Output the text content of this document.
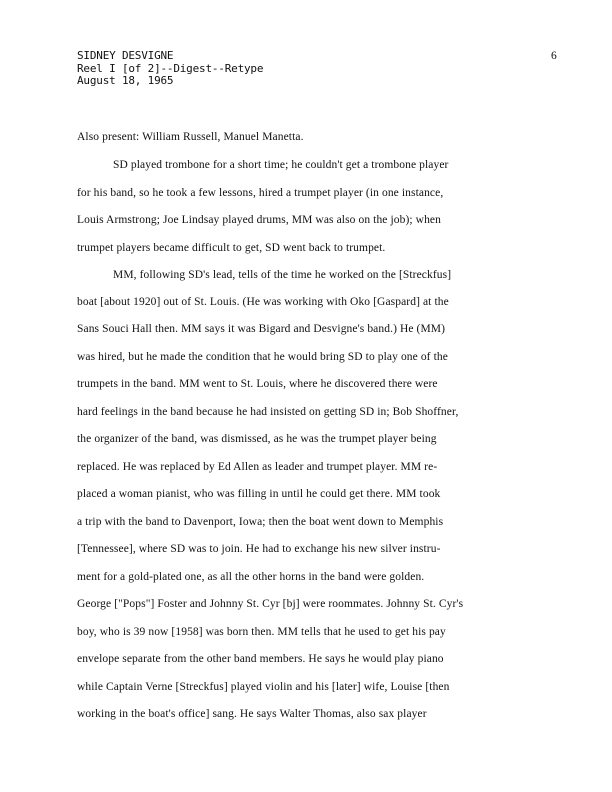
SIDNEY DESVIGNE
Reel I [of 2]--Digest--Retype
August 18, 1965
6
Also present: William Russell, Manuel Manetta.
SD played trombone for a short time; he couldn't get a trombone player
for his band, so he took a few lessons, hired a trumpet player (in one instance,
Louis Armstrong; Joe Lindsay played drums, MM was also on the job); when
trumpet players became difficult to get, SD went back to trumpet.
MM, following SD's lead, tells of the time he worked on the [Streckfus]
boat [about 1920] out of St. Louis. (He was working with Oko [Gaspard] at the
Sans Souci Hall then. MM says it was Bigard and Desvigne's band.) He (MM)
was hired, but he made the condition that he would bring SD to play one of the
trumpets in the band. MM went to St. Louis, where he discovered there were
hard feelings in the band because he had insisted on getting SD in; Bob Shoffner,
the organizer of the band, was dismissed, as he was the trumpet player being
replaced. He was replaced by Ed Allen as leader and trumpet player. MM re-
placed a woman pianist, who was filling in until he could get there. MM took
a trip with the band to Davenport, Iowa; then the boat went down to Memphis
[Tennessee], where SD was to join. He had to exchange his new silver instru-
ment for a gold-plated one, as all the other horns in the band were golden.
George ["Pops"] Foster and Johnny St. Cyr [bj] were roommates. Johnny St. Cyr's
boy, who is 39 now [1958] was born then. MM tells that he used to get his pay
envelope separate from the other band members. He says he would play piano
while Captain Verne [Streckfus] played violin and his [later] wife, Louise [then
working in the boat's office] sang. He says Walter Thomas, also sax player
